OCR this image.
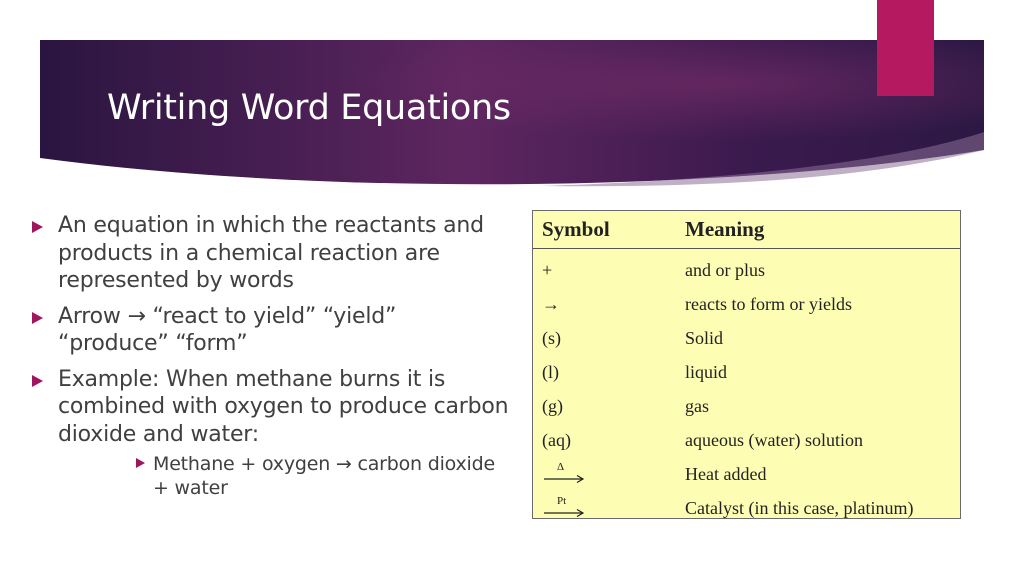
Writing Word Equations
An equation in which the reactants and products in a chemical reaction are represented by words
Arrow → “react to yield” “yield” “produce” “form”
Example: When methane burns it is combined with oxygen to produce carbon dioxide and water:
Methane + oxygen → carbon dioxide + water
Symbol	Meaning
+	and or plus
→	reacts to form or yields
(s)	Solid
(l)	liquid
(g)	gas
(aq)	aqueous (water) solution
Δ	Heat added
Pt	Catalyst (in this case, platinum)
